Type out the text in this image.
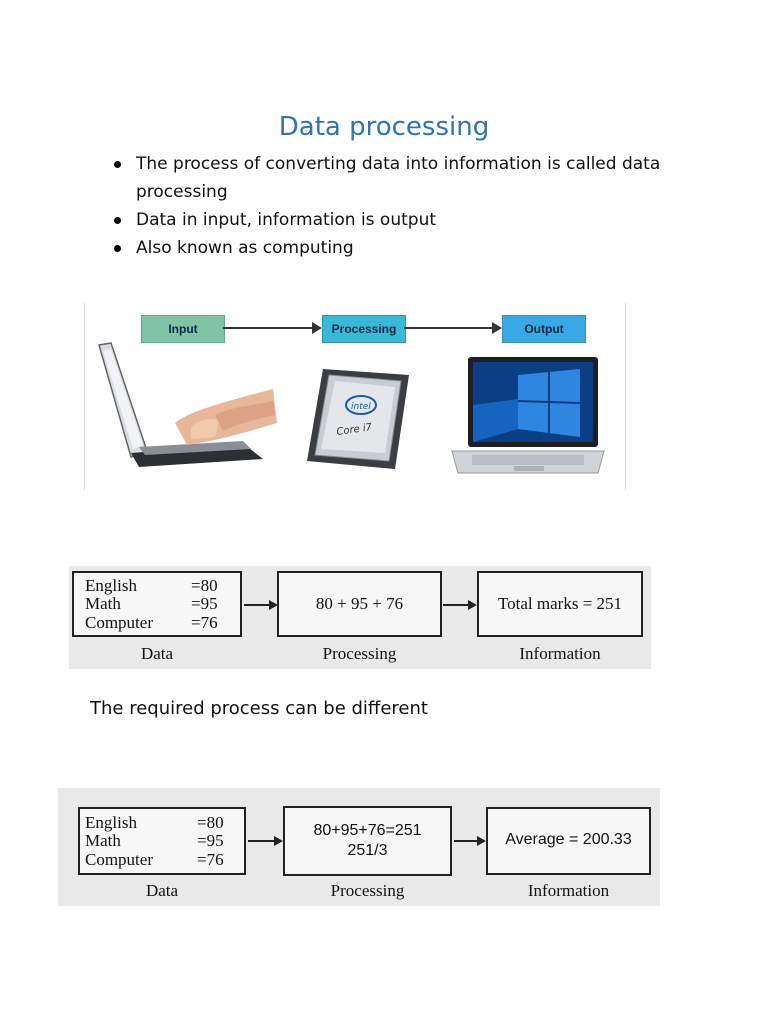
Data processing
The process of converting data into information is called data processing
Data in input, information is output
Also known as computing
Input	Processing	Output
intel
Core i7
English	=80
Math	=95
Computer =76
80 + 95 + 76	Total marks = 251
Data	Processing	Information
The required process can be different
English	=80
Math	=95
Computer	=76
80+95+76=251
251/3
Average = 200.33
Data	Processing	Information
